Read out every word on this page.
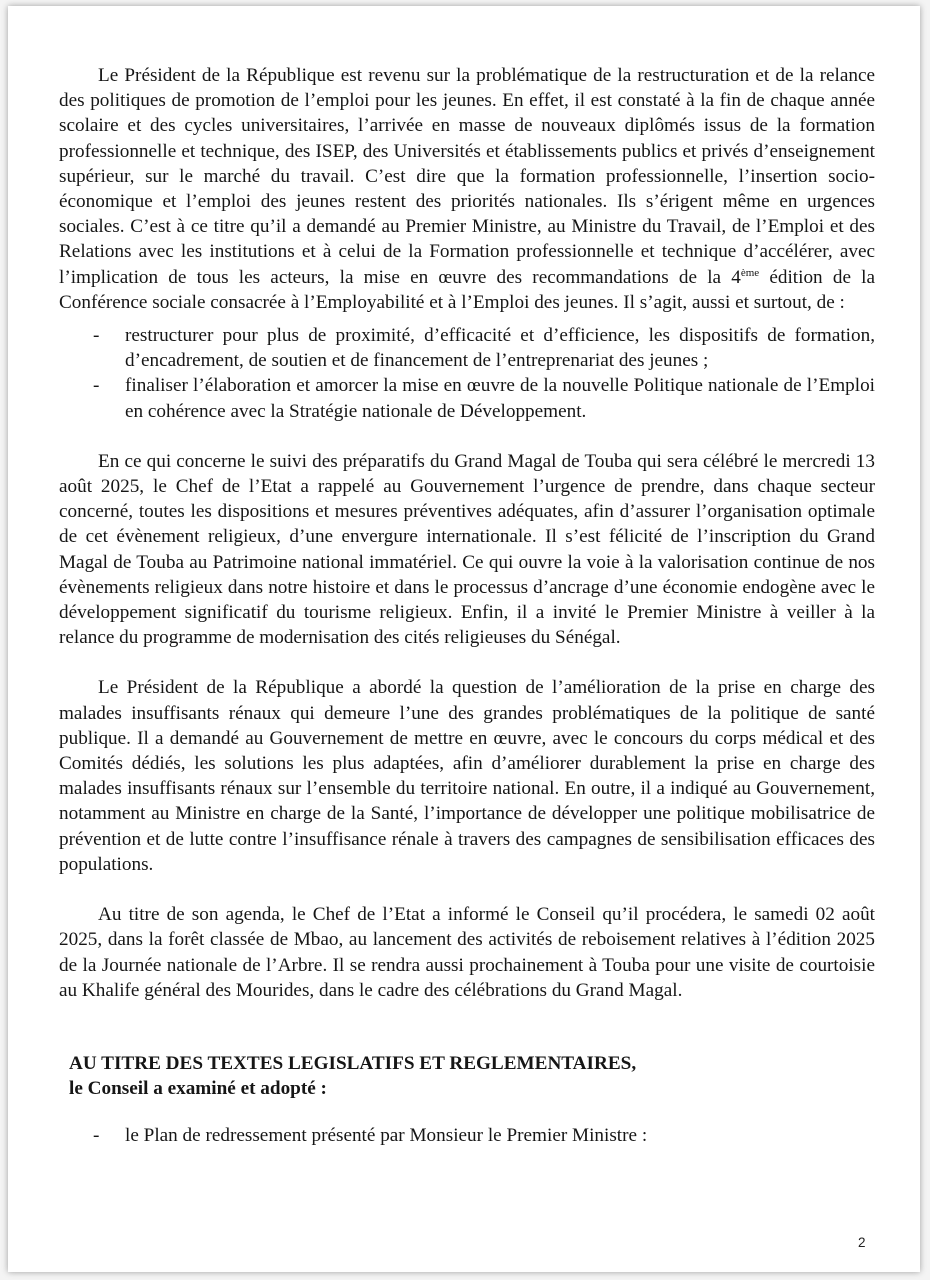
Le Président de la République est revenu sur la problématique de la restructuration et de la relance des politiques de promotion de l’emploi pour les jeunes. En effet, il est constaté à la fin de chaque année scolaire et des cycles universitaires, l’arrivée en masse de nouveaux diplômés issus de la formation professionnelle et technique, des ISEP, des Universités et établissements publics et privés d’enseignement supérieur, sur le marché du travail. C’est dire que la formation professionnelle, l’insertion socio-économique et l’emploi des jeunes restent des priorités nationales. Ils s’érigent même en urgences sociales. C’est à ce titre qu’il a demandé au Premier Ministre, au Ministre du Travail, de l’Emploi et des Relations avec les institutions et à celui de la Formation professionnelle et technique d’accélérer, avec l’implication de tous les acteurs, la mise en œuvre des recommandations de la 4ème édition de la Conférence sociale consacrée à l’Employabilité et à l’Emploi des jeunes. Il s’agit, aussi et surtout, de :

- restructurer pour plus de proximité, d’efficacité et d’efficience, les dispositifs de formation, d’encadrement, de soutien et de financement de l’entreprenariat des jeunes ;
- finaliser l’élaboration et amorcer la mise en œuvre de la nouvelle Politique nationale de l’Emploi en cohérence avec la Stratégie nationale de Développement.

En ce qui concerne le suivi des préparatifs du Grand Magal de Touba qui sera célébré le mercredi 13 août 2025, le Chef de l’Etat a rappelé au Gouvernement l’urgence de prendre, dans chaque secteur concerné, toutes les dispositions et mesures préventives adéquates, afin d’assurer l’organisation optimale de cet évènement religieux, d’une envergure internationale. Il s’est félicité de l’inscription du Grand Magal de Touba au Patrimoine national immatériel. Ce qui ouvre la voie à la valorisation continue de nos évènements religieux dans notre histoire et dans le processus d’ancrage d’une économie endogène avec le développement significatif du tourisme religieux. Enfin, il a invité le Premier Ministre à veiller à la relance du programme de modernisation des cités religieuses du Sénégal.

Le Président de la République a abordé la question de l’amélioration de la prise en charge des malades insuffisants rénaux qui demeure l’une des grandes problématiques de la politique de santé publique. Il a demandé au Gouvernement de mettre en œuvre, avec le concours du corps médical et des Comités dédiés, les solutions les plus adaptées, afin d’améliorer durablement la prise en charge des malades insuffisants rénaux sur l’ensemble du territoire national. En outre, il a indiqué au Gouvernement, notamment au Ministre en charge de la Santé, l’importance de développer une politique mobilisatrice de prévention et de lutte contre l’insuffisance rénale à travers des campagnes de sensibilisation efficaces des populations.

Au titre de son agenda, le Chef de l’Etat a informé le Conseil qu’il procédera, le samedi 02 août 2025, dans la forêt classée de Mbao, au lancement des activités de reboisement relatives à l’édition 2025 de la Journée nationale de l’Arbre. Il se rendra aussi prochainement à Touba pour une visite de courtoisie au Khalife général des Mourides, dans le cadre des célébrations du Grand Magal.

AU TITRE DES TEXTES LEGISLATIFS ET REGLEMENTAIRES,
le Conseil a examiné et adopté :
- le Plan de redressement présenté par Monsieur le Premier Ministre :
2
